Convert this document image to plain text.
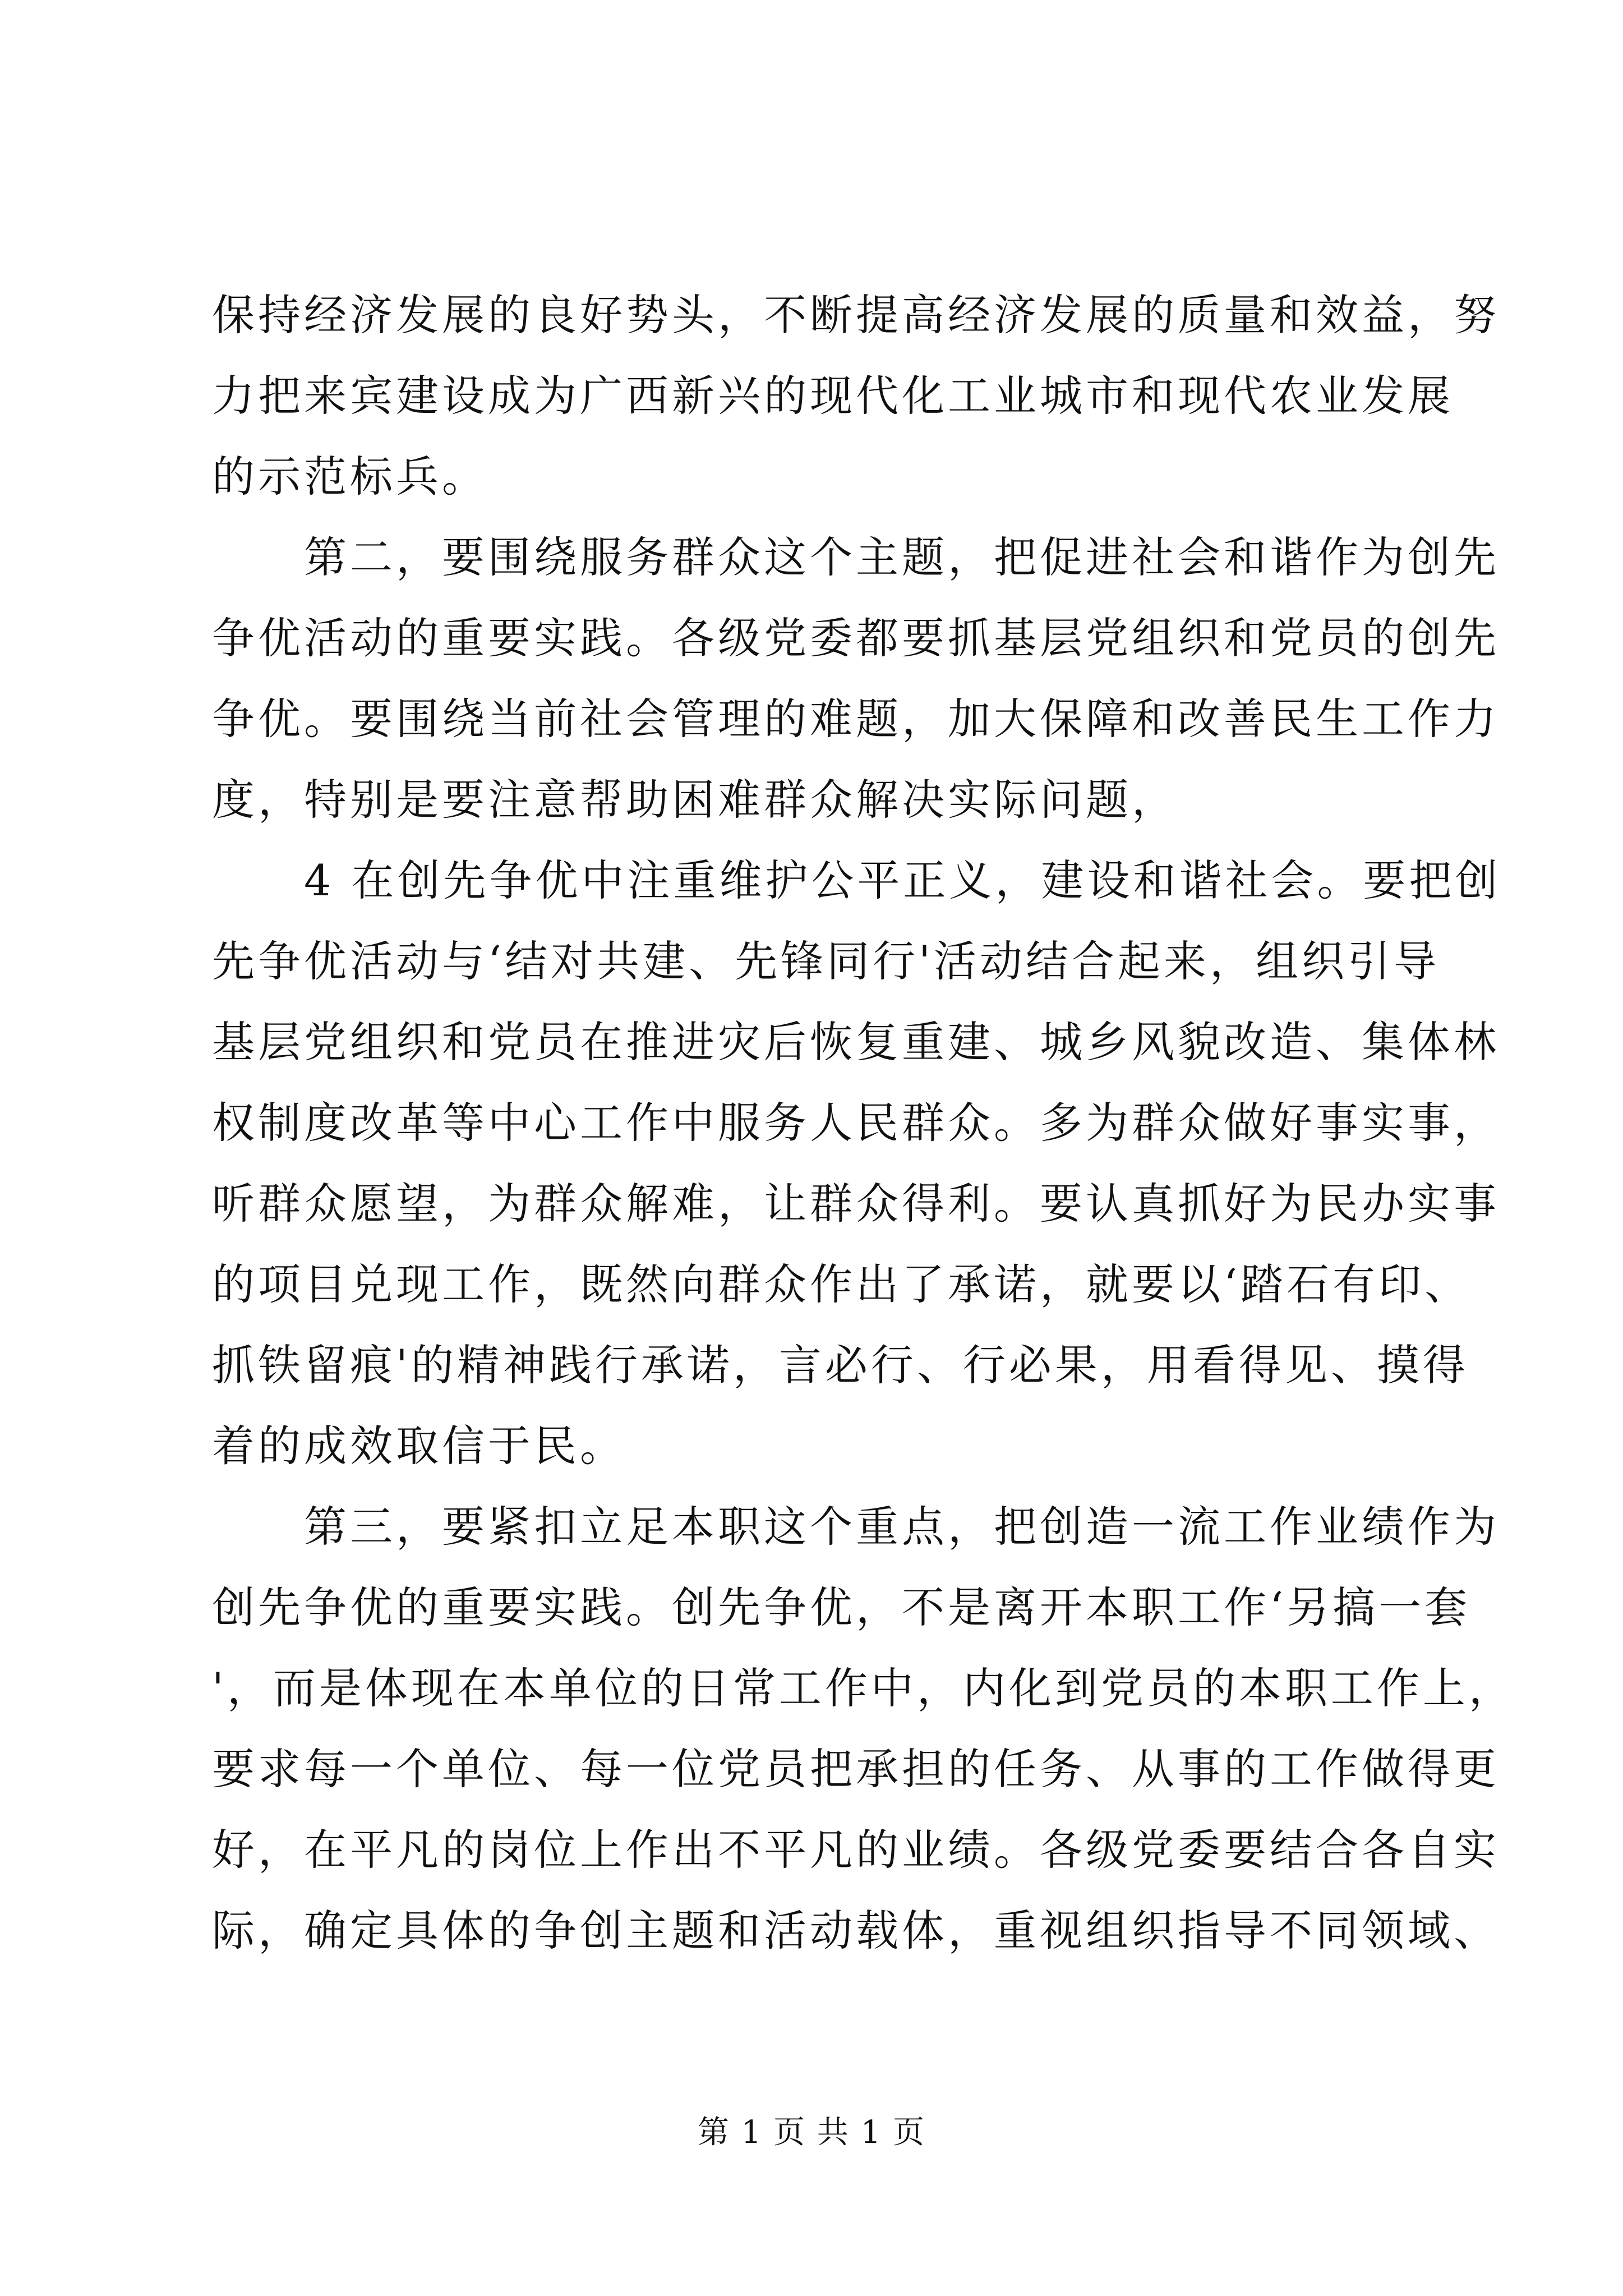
保持经济发展的良好势头，不断提高经济发展的质量和效益，努
力把来宾建设成为广西新兴的现代化工业城市和现代农业发展
的示范标兵。
第二，要围绕服务群众这个主题，把促进社会和谐作为创先
争优活动的重要实践。各级党委都要抓基层党组织和党员的创先
争优。要围绕当前社会管理的难题，加大保障和改善民生工作力
度，特别是要注意帮助困难群众解决实际问题，
4 在创先争优中注重维护公平正义，建设和谐社会。要把创
先争优活动与‘结对共建、先锋同行'活动结合起来，组织引导
基层党组织和党员在推进灾后恢复重建、城乡风貌改造、集体林
权制度改革等中心工作中服务人民群众。多为群众做好事实事，
听群众愿望，为群众解难，让群众得利。要认真抓好为民办实事
的项目兑现工作，既然向群众作出了承诺，就要以‘踏石有印、
抓铁留痕'的精神践行承诺，言必行、行必果，用看得见、摸得
着的成效取信于民。
第三，要紧扣立足本职这个重点，把创造一流工作业绩作为
创先争优的重要实践。创先争优，不是离开本职工作‘另搞一套
'，而是体现在本单位的日常工作中，内化到党员的本职工作上，
要求每一个单位、每一位党员把承担的任务、从事的工作做得更
好，在平凡的岗位上作出不平凡的业绩。各级党委要结合各自实
际，确定具体的争创主题和活动载体，重视组织指导不同领域、
第 1 页 共 1 页
